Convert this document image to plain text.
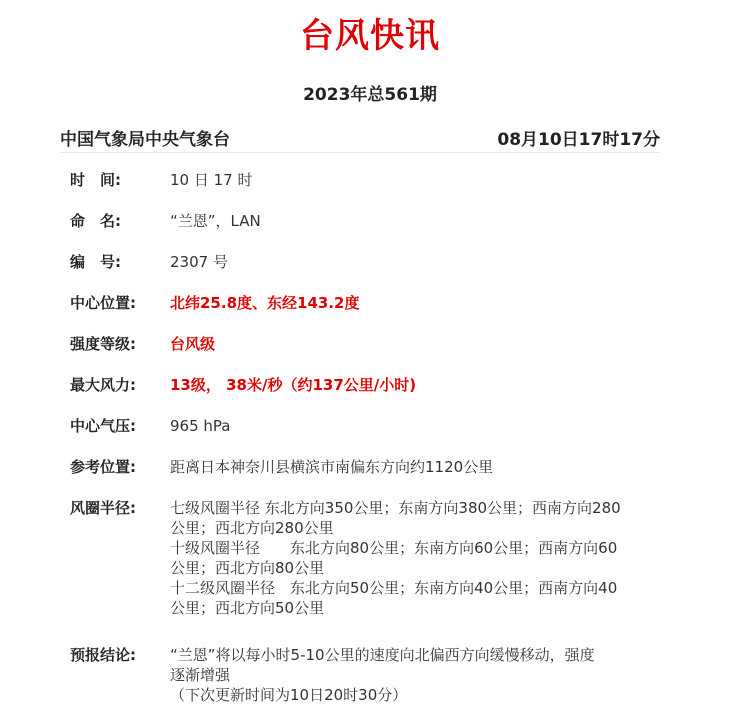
台风快讯
2023年总561期
中国气象局中央气象台	08月10日17时17分
时　间:	10 日 17 时
命　名:	“兰恩”，LAN
编　号:	2307 号
中心位置:	北纬25.8度、东经143.2度
强度等级:	台风级
最大风力:	13级， 38米/秒（约137公里/小时)
中心气压:	965 hPa
参考位置:	距离日本神奈川县横滨市南偏东方向约1120公里
风圈半径:	七级风圈半径 东北方向350公里；东南方向380公里；西南方向280
公里；西北方向280公里
十级风圈半径　　东北方向80公里；东南方向60公里；西南方向60
公里；西北方向80公里
十二级风圈半径　东北方向50公里；东南方向40公里；西南方向40
公里；西北方向50公里
预报结论:	“兰恩”将以每小时5-10公里的速度向北偏西方向缓慢移动，强度
逐渐增强
（下次更新时间为10日20时30分）
